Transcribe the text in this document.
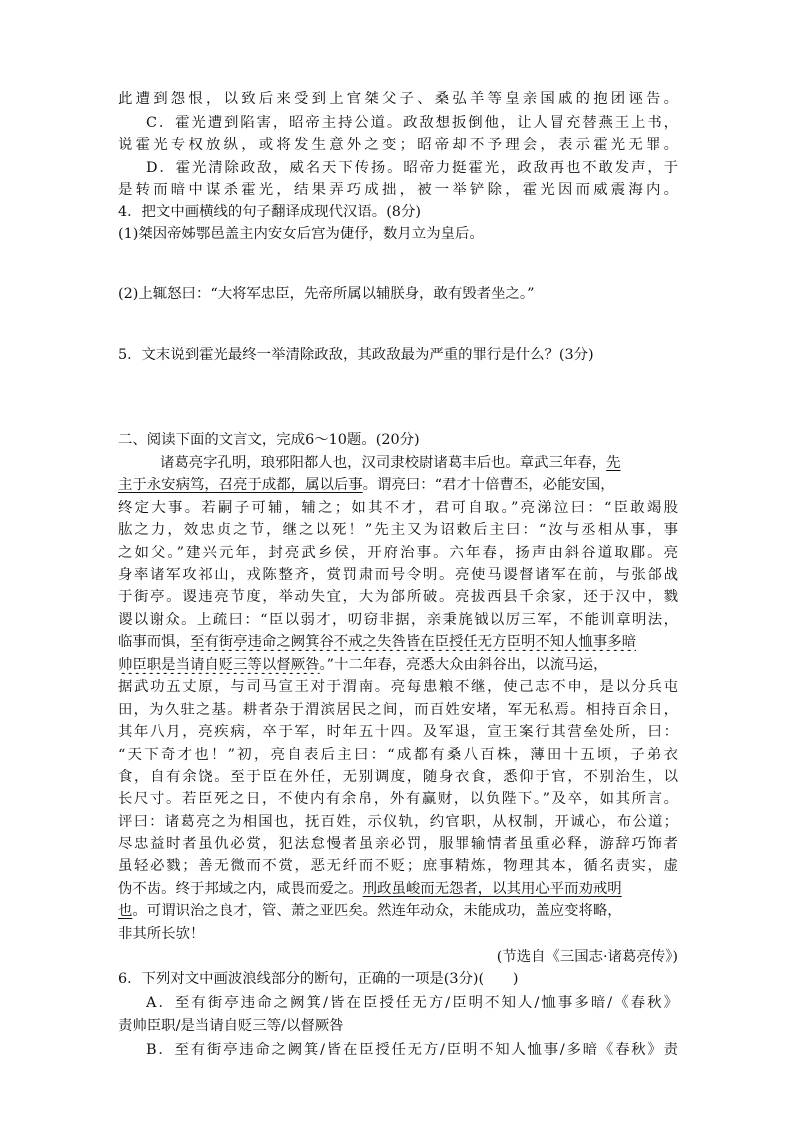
此遭到怨恨，以致后来受到上官桀父子、桑弘羊等皇亲国戚的抱团诬告。
C．霍光遭到陷害，昭帝主持公道。政敌想扳倒他，让人冒充替燕王上书，
说霍光专权放纵，或将发生意外之变；昭帝却不予理会，表示霍光无罪。
D．霍光清除政敌，威名天下传扬。昭帝力挺霍光，政敌再也不敢发声，于
是转而暗中谋杀霍光，结果弄巧成拙，被一举铲除，霍光因而威震海内。
4．把文中画横线的句子翻译成现代汉语。(8分)
(1)桀因帝姊鄂邑盖主内安女后宫为倢伃，数月立为皇后。
(2)上辄怒曰：“大将军忠臣，先帝所属以辅朕身，敢有毁者坐之。”
5．文末说到霍光最终一举清除政敌，其政敌最为严重的罪行是什么？(3分)
二、阅读下面的文言文，完成6～10题。(20分)
诸葛亮字孔明，琅邪阳都人也，汉司隶校尉诸葛丰后也。章武三年春，先
主于永安病笃，召亮于成都，属以后事。谓亮曰：“君才十倍曹丕，必能安国，
终定大事。若嗣子可辅，辅之；如其不才，君可自取。”亮涕泣曰：“臣敢竭股
肱之力，效忠贞之节，继之以死！”先主又为诏敕后主曰：“汝与丞相从事，事
之如父。”建兴元年，封亮武乡侯，开府治事。六年春，扬声由斜谷道取郿。亮
身率诸军攻祁山，戎陈整齐，赏罚肃而号令明。亮使马谡督诸军在前，与张郃战
于街亭。谡违亮节度，举动失宜，大为郃所破。亮拔西县千余家，还于汉中，戮
谡以谢众。上疏曰：“臣以弱才，叨窃非据，亲秉旄钺以厉三军，不能训章明法，
临事而惧，至有街亭违命之阙箕谷不戒之失咎皆在臣授任无方臣明不知人恤事多暗
帅臣职是当请自贬三等以督厥咎。”十二年春，亮悉大众由斜谷出，以流马运，
据武功五丈原，与司马宣王对于渭南。亮每患粮不继，使己志不申，是以分兵屯
田，为久驻之基。耕者杂于渭滨居民之间，而百姓安堵，军无私焉。相持百余日，
其年八月，亮疾病，卒于军，时年五十四。及军退，宣王案行其营垒处所，曰：
“天下奇才也！”初，亮自表后主曰：“成都有桑八百株，薄田十五顷，子弟衣
食，自有余饶。至于臣在外任，无别调度，随身衣食，悉仰于官，不别治生，以
长尺寸。若臣死之日，不使内有余帛，外有赢财，以负陛下。”及卒，如其所言。
评曰：诸葛亮之为相国也，抚百姓，示仪轨，约官职，从权制，开诚心，布公道；
尽忠益时者虽仇必赏，犯法怠慢者虽亲必罚，服罪输情者虽重必释，游辞巧饰者
虽轻必戮；善无微而不赏，恶无纤而不贬；庶事精炼，物理其本，循名责实，虚
伪不齿。终于邦域之内，咸畏而爱之。刑政虽峻而无怨者，以其用心平而劝戒明
也。可谓识治之良才，管、萧之亚匹矣。然连年动众，未能成功，盖应变将略，
非其所长欤！
(节选自《三国志·诸葛亮传》)
6．下列对文中画波浪线部分的断句，正确的一项是(3分)(　　)
A．至有街亭违命之阙箕/皆在臣授任无方/臣明不知人/恤事多暗/《春秋》
责帅臣职/是当请自贬三等/以督厥咎
B．至有街亭违命之阙箕/皆在臣授任无方/臣明不知人恤事/多暗《春秋》责
